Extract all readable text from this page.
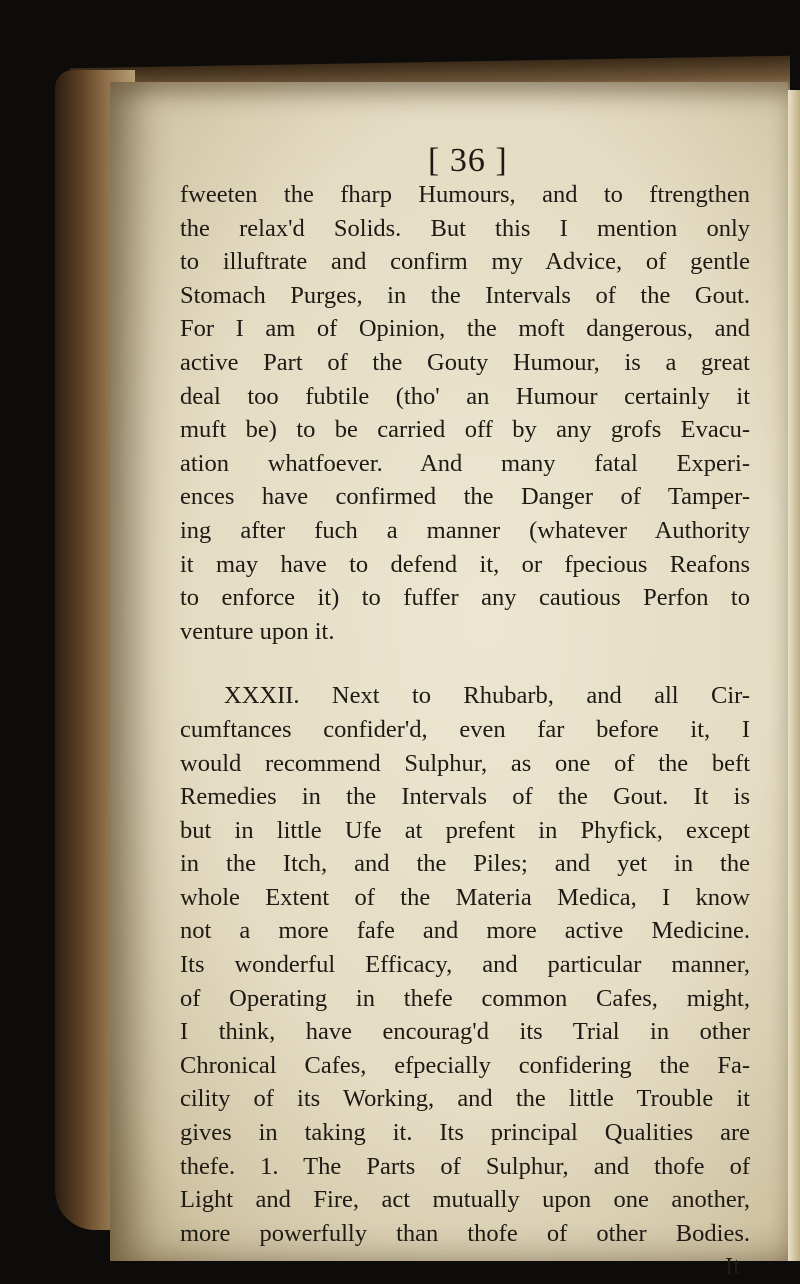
[ 36 ]
fweeten the fharp Humours, and to ftrengthen
the relax'd Solids. But this I mention only
to illuftrate and confirm my Advice, of gentle
Stomach Purges, in the Intervals of the Gout.
For I am of Opinion, the moft dangerous, and
active Part of the Gouty Humour, is a great
deal too fubtile (tho' an Humour certainly it
muft be) to be carried off by any grofs Evacu-
ation whatfoever. And many fatal Experi-
ences have confirmed the Danger of Tamper-
ing after fuch a manner (whatever Authority
it may have to defend it, or fpecious Reafons
to enforce it) to fuffer any cautious Perfon to
venture upon it.
XXXII. Next to Rhubarb, and all Cir-
cumftances confider'd, even far before it, I
would recommend Sulphur, as one of the beft
Remedies in the Intervals of the Gout. It is
but in little Ufe at prefent in Phyfick, except
in the Itch, and the Piles; and yet in the
whole Extent of the Materia Medica, I know
not a more fafe and more active Medicine.
Its wonderful Efficacy, and particular manner,
of Operating in thefe common Cafes, might,
I think, have encourag'd its Trial in other
Chronical Cafes, efpecially confidering the Fa-
cility of its Working, and the little Trouble it
gives in taking it. Its principal Qualities are
thefe. 1. The Parts of Sulphur, and thofe of
Light and Fire, act mutually upon one another,
more powerfully than thofe of other Bodies.
It
